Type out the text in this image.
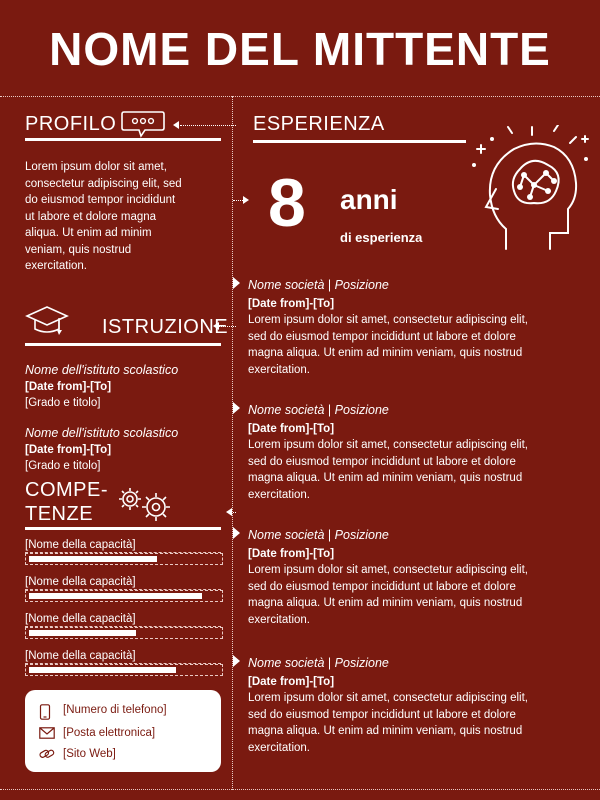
NOME DEL MITTENTE
PROFILO
Lorem ipsum dolor sit amet,
consectetur adipiscing elit, sed
do eiusmod tempor incididunt
ut labore et dolore magna
aliqua. Ut enim ad minim
veniam, quis nostrud
exercitation.
ISTRUZIONE
Nome dell'istituto scolastico
[Date from]-[To]
[Grado e titolo]
Nome dell'istituto scolastico
[Date from]-[To]
[Grado e titolo]
COMPE-
TENZE
[Nome della capacità]
[Nome della capacità]
[Nome della capacità]
[Nome della capacità]
[Numero di telefono]
[Posta elettronica]
[Sito Web]
ESPERIENZA
8 anni
di esperienza
Nome società | Posizione
[Date from]-[To]
Lorem ipsum dolor sit amet, consectetur adipiscing elit,
sed do eiusmod tempor incididunt ut labore et dolore
magna aliqua. Ut enim ad minim veniam, quis nostrud
exercitation.
Nome società | Posizione
[Date from]-[To]
Lorem ipsum dolor sit amet, consectetur adipiscing elit,
sed do eiusmod tempor incididunt ut labore et dolore
magna aliqua. Ut enim ad minim veniam, quis nostrud
exercitation.
Nome società | Posizione
[Date from]-[To]
Lorem ipsum dolor sit amet, consectetur adipiscing elit,
sed do eiusmod tempor incididunt ut labore et dolore
magna aliqua. Ut enim ad minim veniam, quis nostrud
exercitation.
Nome società | Posizione
[Date from]-[To]
Lorem ipsum dolor sit amet, consectetur adipiscing elit,
sed do eiusmod tempor incididunt ut labore et dolore
magna aliqua. Ut enim ad minim veniam, quis nostrud
exercitation.
